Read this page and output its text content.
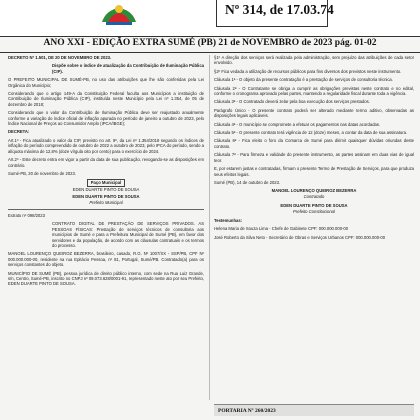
Nº 314, de 17.03.74
ANO XXI - EDIÇÃO EXTRA SUMÉ (PB) 21 de NOVEMBRO de 2023 pág. 01-02

DECRETO Nº 1.501, DE 20 DE NOVEMBRO DE 2023.

Dispõe sobre o índice de atualização da Contribuição de Iluminação Pública (CIP).

O PREFEITO MUNICIPAL DE SUMÉ-PB, no uso das atribuições que lhe são conferidas pela Lei Orgânica do Município;

Considerando que o artigo 149-A da Constituição Federal faculta aos Municípios a instituição de Contribuição de Iluminação Pública (CIP), instituída neste Município pela Lei nº 1.354, de 05 de dezembro de 2018;

Considerando que o valor da Contribuição de Iluminação Pública deve ser reajustado anualmente conforme a variação do índice oficial de inflação apurada no período de janeiro a outubro de 2023, pelo Índice Nacional de Preços ao Consumidor Amplo (IPCA/IBGE);

DECRETA:

Art.1º - Fica atualizado o valor da CIP, previsto no art. 9º, da Lei nº 1.354/2018 segundo os índices de inflação do período compreendido de outubro de 2022 a outubro de 2023, pelo IPCA do período, sendo a alíquota máxima de 12,8% (doze vírgula oito por cento) para o exercício de 2024.

Art.2º - Este decreto entra em vigor a partir da data de sua publicação, revogando-se as disposições em contrário.

Sumé-PB, 20 de novembro de 2023.

Paço Municipal
EDEN DUARTE PINTO DE SOUSA

EDEN DUARTE PINTO DE SOUSA

Prefeito Municipal

Extrato nº 098/2023

CONTRATO DIGITAL DE PRESTAÇÃO DE SERVIÇOS PRIVADOS. AS PESSOAS FÍSICAS: Prestação de serviços técnicos de consultoria aos municípios de Sumé e para a Prefeitura Municipal de Sumé (PB), em favor dos servidores e da população, de acordo com as cláusulas contratuais e os termos do processo.

MANOEL LOURENÇO QUEIROZ BEZERRA, brasileiro, casado, R.G. Nº 1007/XX - SSP/PB, CPF Nº 000.000.000-00, residente na rua Epitácio Pessoa, nº 81, Portugal, Sumé/PB. Contratado(a) para os serviços constantes do objeto.

MUNICÍPIO DE SUMÉ (PB), pessoa jurídica de direito público interno, com sede na Rua Luiz Grande, s/n, Centro, Sumé-PB, inscrito no CNPJ nº 09.073.628/0001-91, representado neste ato por seu Prefeito, EDEN DUARTE PINTO DE SOUSA.

§1º A direção dos serviços será realizada pela administração, sem prejuízo das atribuições de cada setor envolvido.

§2º Fica vedada a utilização de recursos públicos para fins diversos dos previstos neste instrumento.

Cláusula 1ª - O objeto da presente contratação é a prestação de serviços de consultoria técnica.

Cláusula 2ª - O Contratante se obriga a cumprir as obrigações previstas neste contrato e no edital, conforme o cronograma aprovado pelas partes, mantendo a regularidade fiscal durante toda a vigência.

Cláusula 3ª - O Contratado deverá zelar pela boa execução dos serviços prestados.

Parágrafo Único - O presente contrato poderá ser alterado mediante termo aditivo, observadas as disposições legais aplicáveis.

Cláusula 4ª - O município se compromete a efetuar os pagamentos nas datas acordadas.

Cláusula 5ª - O presente contrato terá vigência de 12 (doze) meses, a contar da data de sua assinatura.

Cláusula 6ª - Fica eleito o foro da Comarca de Sumé para dirimir quaisquer dúvidas oriundas deste contrato.

Cláusula 7ª - Para firmeza e validade do presente instrumento, as partes assinam em duas vias de igual teor.

E, por estarem justas e contratadas, firmam o presente Termo de Prestação de Serviços, para que produza seus efeitos legais.

Sumé (PB), 14 de outubro de 2023.

MANOEL LOURENÇO QUEIROZ BEZERRA

Contratado

EDEN DUARTE PINTO DE SOUSA

Prefeito Constitucional

Testemunhas:

Helena Maria de Souza Lima - Chefe de Gabinete CPF: 000.000.000-00

José Roberto da Silva Neto - Secretário de Obras e Serviços Urbanos CPF: 000.000.000-00

PORTARIA Nº 260/2023
